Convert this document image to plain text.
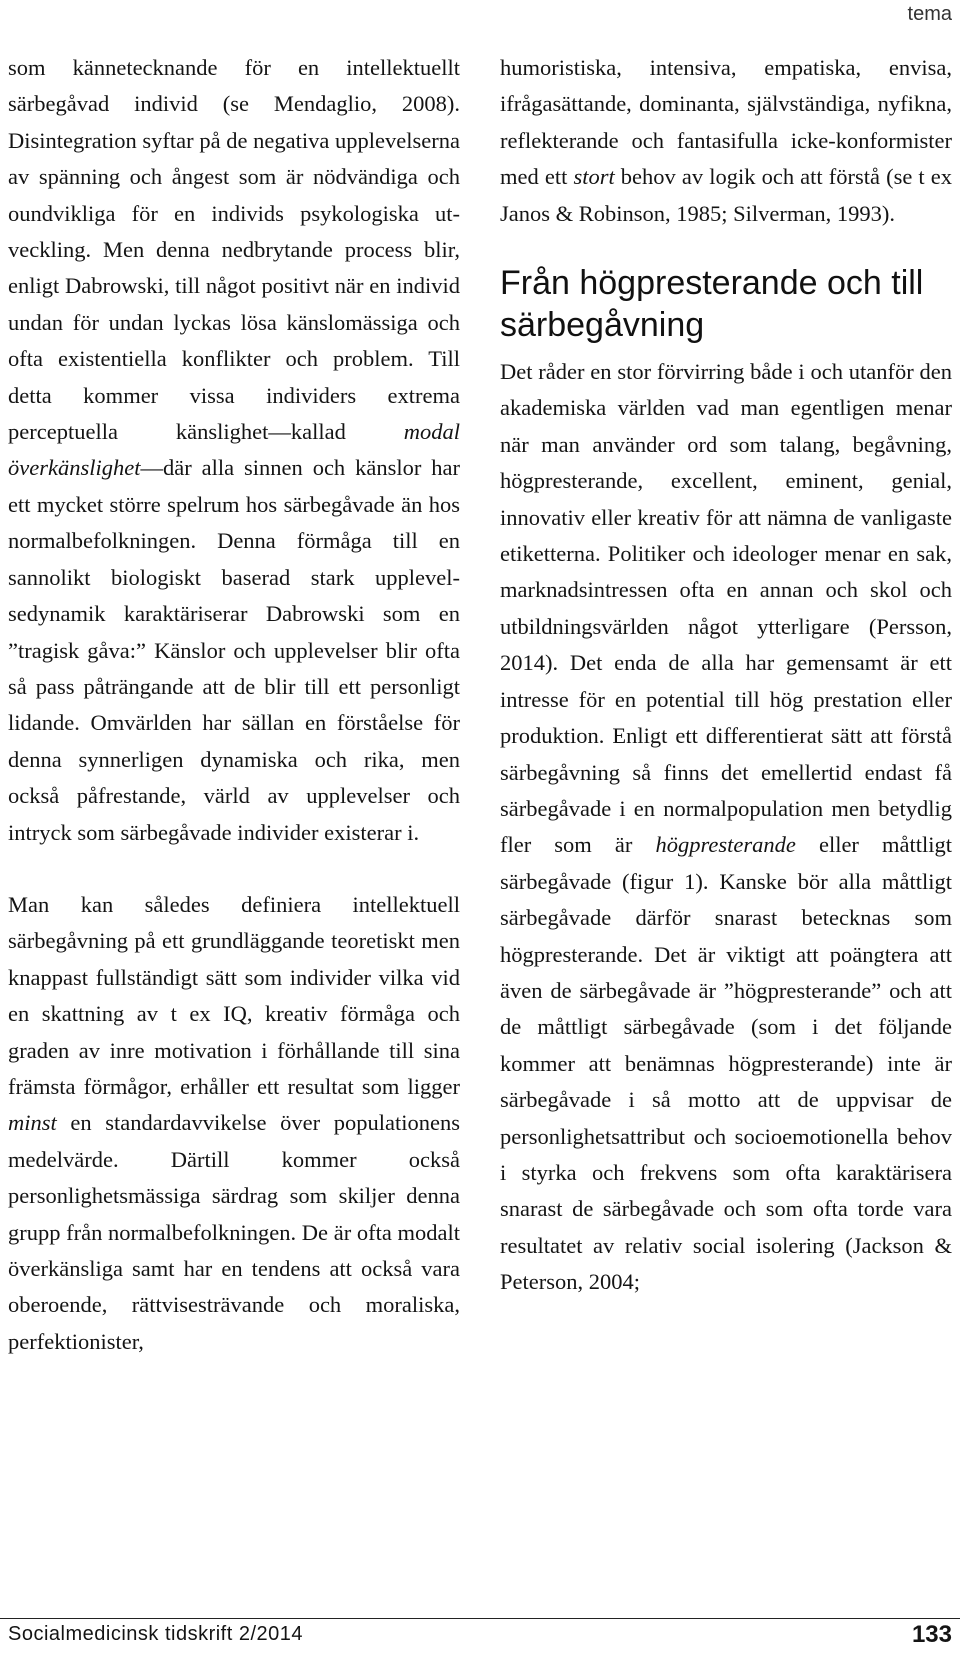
tema

som kännetecknande för en intellektuellt särbegåvad individ (se Mendaglio, 2008). Disintegration syftar på de negativa upplevelserna av spänning och ångest som är nödvändiga och oundvikliga för en individs psykologiska utveckling. Men denna nedbrytande process blir, enligt Dabrowski, till något positivt när en individ undan för undan lyckas lösa känslomässiga och ofta existentiella konflikter och problem. Till detta kommer vissa individers extrema perceptuella känslighet—kallad modal överkänslighet—där alla sinnen och känslor har ett mycket större spelrum hos särbegåvade än hos normalbefolkningen. Denna förmåga till en sannolikt biologiskt baserad stark upplevelsedynamik karaktäriserar Dabrowski som en ”tragisk gåva:” Känslor och upplevelser blir ofta så pass påträngande att de blir till ett personligt lidande. Omvärlden har sällan en förståelse för denna synnerligen dynamiska och rika, men också påfrestande, värld av upplevelser och intryck som särbegåvade individer existerar i.

Man kan således definiera intellektuell särbegåvning på ett grundläggande teoretiskt men knappast fullständigt sätt som individer vilka vid en skattning av t ex IQ, kreativ förmåga och graden av inre motivation i förhållande till sina främsta förmågor, erhåller ett resultat som ligger minst en standardavvikelse över populationens medelvärde. Därtill kommer också personlighetsmässiga särdrag som skiljer denna grupp från normalbefolkningen. De är ofta modalt överkänsliga samt har en tendens att också vara oberoende, rättvisesträvande och moraliska, perfektionister,

humoristiska, intensiva, empatiska, envisa, ifrågasättande, dominanta, självständiga, nyfikna, reflekterande och fantasifulla icke-konformister med ett stort behov av logik och att förstå (se t ex Janos & Robinson, 1985; Silverman, 1993).

Från högpresterande och till särbegåvning

Det råder en stor förvirring både i och utanför den akademiska världen vad man egentligen menar när man använder ord som talang, begåvning, högpresterande, excellent, eminent, genial, innovativ eller kreativ för att nämna de vanligaste etiketterna. Politiker och ideologer menar en sak, marknadsintressen ofta en annan och skol och utbildningsvärlden något ytterligare (Persson, 2014). Det enda de alla har gemensamt är ett intresse för en potential till hög prestation eller produktion. Enligt ett differentierat sätt att förstå särbegåvning så finns det emellertid endast få särbegåvade i en normalpopulation men betydlig fler som är högpresterande eller måttligt särbegåvade (figur 1). Kanske bör alla måttligt särbegåvade därför snarast betecknas som högpresterande. Det är viktigt att poängtera att även de särbegåvade är ”högpresterande” och att de måttligt särbegåvade (som i det följande kommer att benämnas högpresterande) inte är särbegåvade i så motto att de uppvisar de personlighetsattribut och socioemotionella behov i styrka och frekvens som ofta karaktärisera snarast de särbegåvade och som ofta torde vara resultatet av relativ social isolering (Jackson & Peterson, 2004;

Socialmedicinsk tidskrift 2/2014	133
